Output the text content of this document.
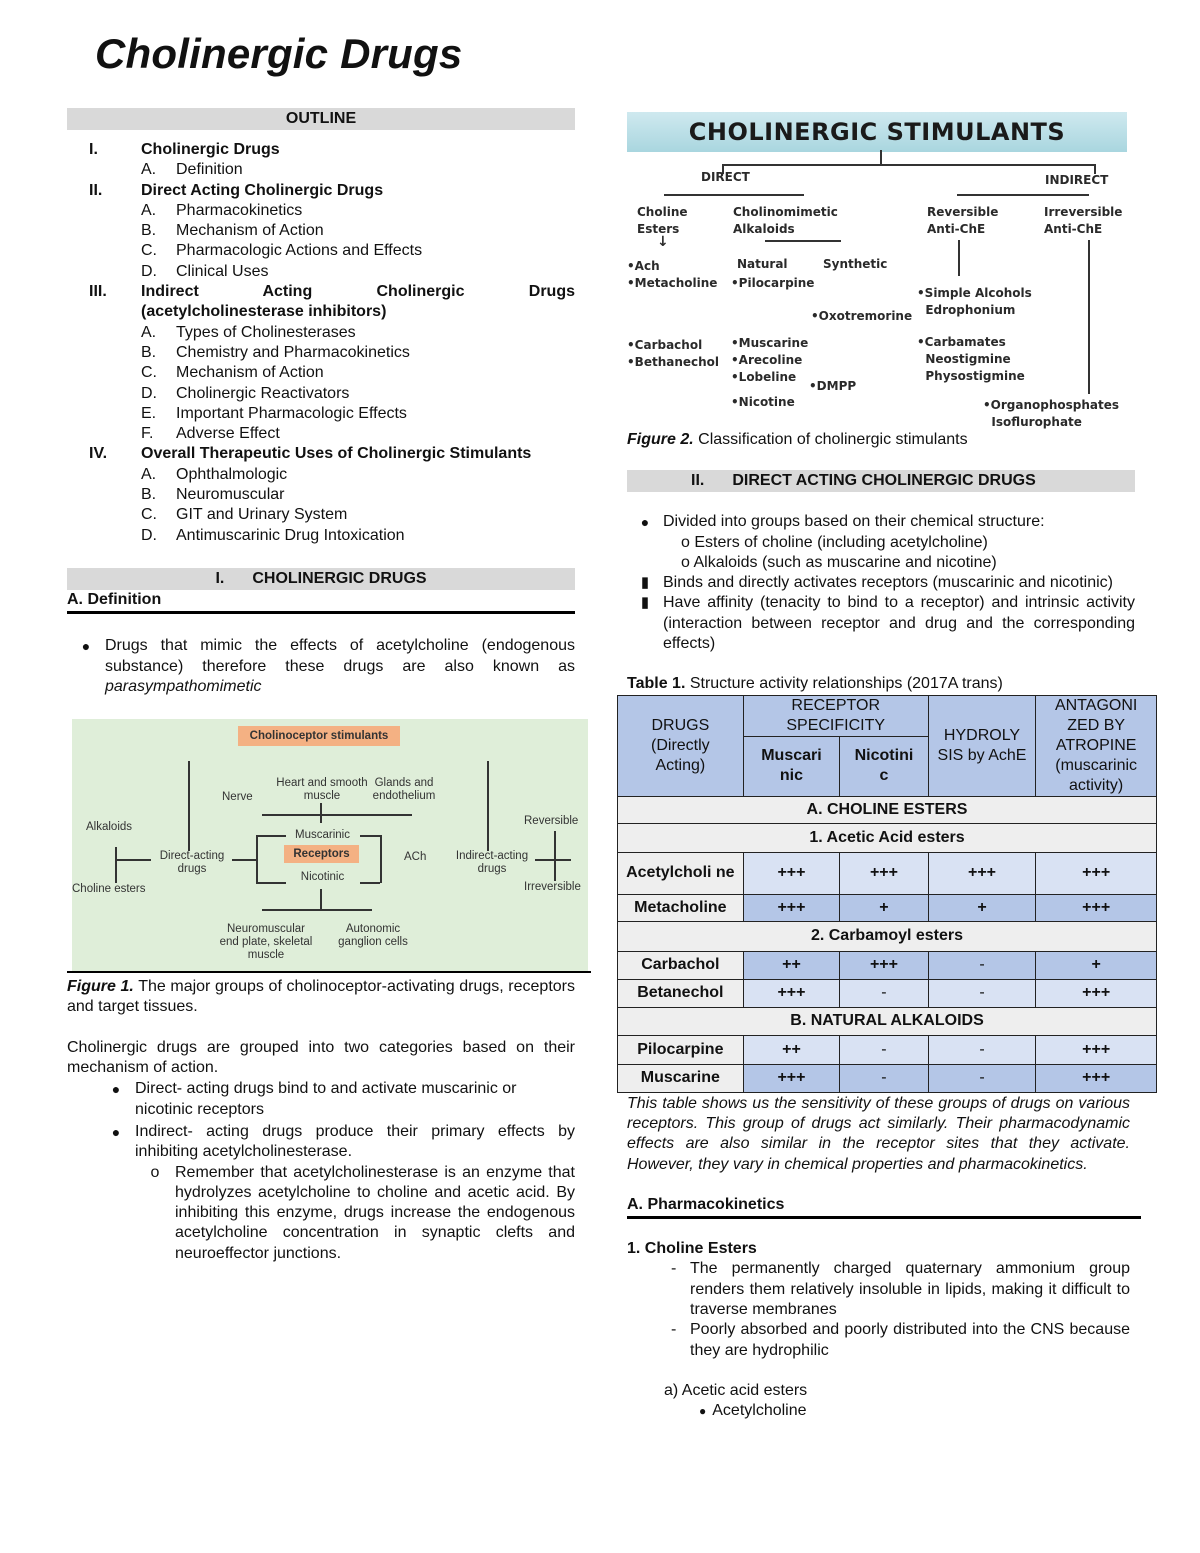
Cholinergic Drugs
OUTLINE
I.	Cholinergic Drugs
A.	Definition
II.	Direct Acting Cholinergic Drugs
A.	Pharmacokinetics
B.	Mechanism of Action
C.	Pharmacologic Actions and Effects
D.	Clinical Uses
III.	Indirect Acting Cholinergic Drugs
(acetylcholinesterase inhibitors)
A.	Types of Cholinesterases
B.	Chemistry and Pharmacokinetics
C.	Mechanism of Action
D.	Cholinergic Reactivators
E.	Important Pharmacologic Effects
F.	Adverse Effect
IV.	Overall Therapeutic Uses of Cholinergic Stimulants
A.	Ophthalmologic
B.	Neuromuscular
C.	GIT and Urinary System
D.	Antimuscarinic Drug Intoxication
I. CHOLINERGIC DRUGS
A. Definition
● Drugs that mimic the effects of acetylcholine (endogenous substance) therefore these drugs are also known as parasympathomimetic
Cholinoceptor stimulants
Alkaloids
Choline esters
Direct-acting drugs
Nerve
Heart and smooth muscle
Glands and endothelium
Muscarinic
Receptors
Nicotinic
ACh	Indirect-acting drugs
Reversible
Irreversible
Neuromuscular end plate, skeletal muscle
Autonomic ganglion cells
Figure 1. The major groups of cholinoceptor-activating drugs, receptors and target tissues.
Cholinergic drugs are grouped into two categories based on their mechanism of action.
● Direct- acting drugs bind to and activate muscarinic or nicotinic receptors
● Indirect- acting drugs produce their primary effects by inhibiting acetylcholinesterase.
o Remember that acetylcholinesterase is an enzyme that hydrolyzes acetylcholine to choline and acetic acid. By inhibiting this enzyme, drugs increase the endogenous acetylcholine concentration in synaptic clefts and neuroeffector junctions.
CHOLINERGIC STIMULANTS
DIRECT	INDIRECT
Choline
Esters
Cholinomimetic
Alkaloids
Reversible
Anti-ChE
Irreversible
Anti-ChE
↓
•Ach
•Metacholine
Natural	Synthetic
•Pilocarpine
•Simple Alcohols
Edrophonium
•Oxotremorine
•Carbachol
•Bethanechol
•Muscarine
•Arecoline
•Lobeline
•Carbamates
Neostigmine
Physostigmine
•DMPP
•Nicotine	•Organophosphates
Isoflurophate
Figure 2. Classification of cholinergic stimulants
II. DIRECT ACTING CHOLINERGIC DRUGS
● Divided into groups based on their chemical structure:
o Esters of choline (including acetylcholine)
o Alkaloids (such as muscarine and nicotine)
▮ Binds and directly activates receptors (muscarinic and nicotinic)
▮ Have affinity (tenacity to bind to a receptor) and intrinsic activity (interaction between receptor and drug and the corresponding effects)
Table 1. Structure activity relationships (2017A trans)
DRUGS (Directly Acting)	RECEPTOR SPECIFICITY		HYDROLY SIS by AchE	ANTAGONI ZED BY ATROPINE (muscarinic activity)
	Muscari nic	Nicotini c		
A. CHOLINE ESTERS				
1. Acetic Acid esters				
Acetylcholi ne	+++	+++	+++	+++
Metacholine	+++	+	+	+++
2. Carbamoyl esters				
Carbachol	++	+++	-	+
Betanechol	+++	-	-	+++
B. NATURAL ALKALOIDS				
Pilocarpine	++	-	-	+++
Muscarine	+++	-	-	+++
This table shows us the sensitivity of these groups of drugs on various receptors. This group of drugs act similarly. Their pharmacodynamic effects are also similar in the receptor sites that they activate. However, they vary in chemical properties and pharmacokinetics.
A. Pharmacokinetics
1. Choline Esters
- The permanently charged quaternary ammonium group renders them relatively insoluble in lipids, making it difficult to traverse membranes
- Poorly absorbed and poorly distributed into the CNS because they are hydrophilic
a) Acetic acid esters
● Acetylcholine
